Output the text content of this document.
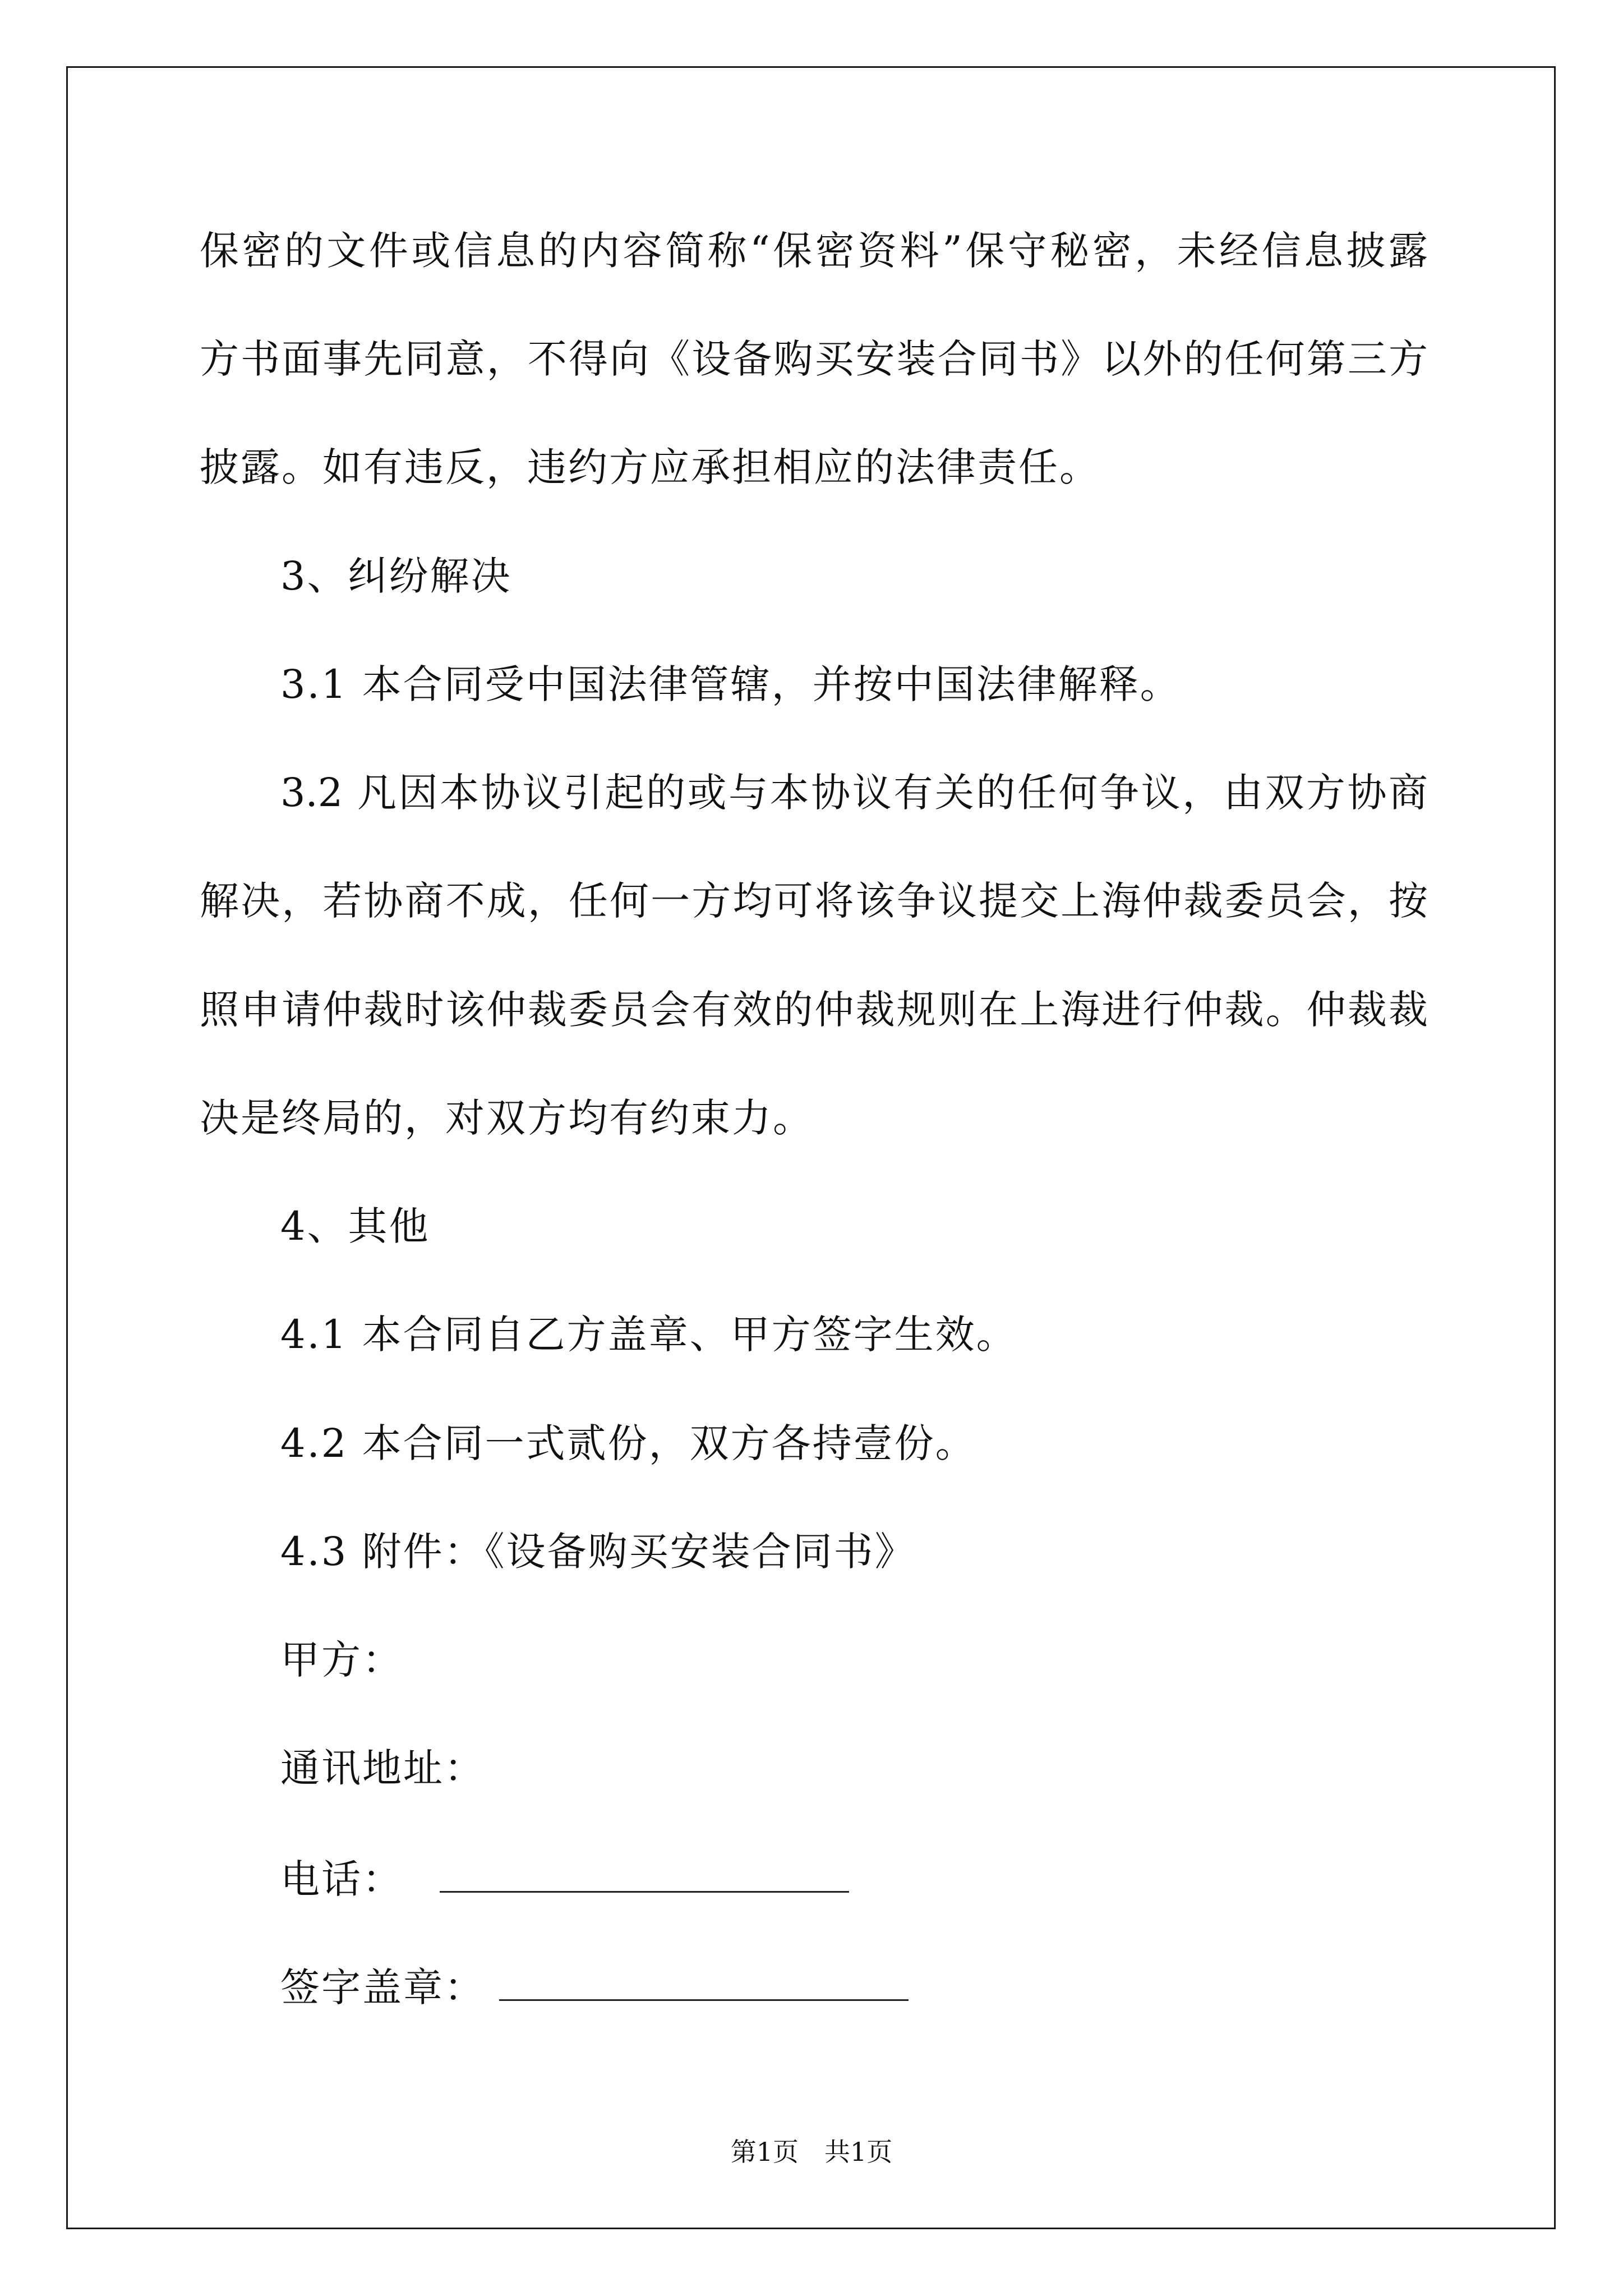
保密的文件或信息的内容简称“保密资料”保守秘密，未经信息披露
方书面事先同意，不得向《设备购买安装合同书》以外的任何第三方
披露。如有违反，违约方应承担相应的法律责任。
3、纠纷解决
3.1 本合同受中国法律管辖，并按中国法律解释。
3.2 凡因本协议引起的或与本协议有关的任何争议，由双方协商
解决，若协商不成，任何一方均可将该争议提交上海仲裁委员会，按
照申请仲裁时该仲裁委员会有效的仲裁规则在上海进行仲裁。仲裁裁
决是终局的，对双方均有约束力。
4、其他
4.1 本合同自乙方盖章、甲方签字生效。
4.2 本合同一式贰份，双方各持壹份。
4.3 附件：《设备购买安装合同书》
甲方：
通讯地址：
电话：
签字盖章：
第1页　共1页
